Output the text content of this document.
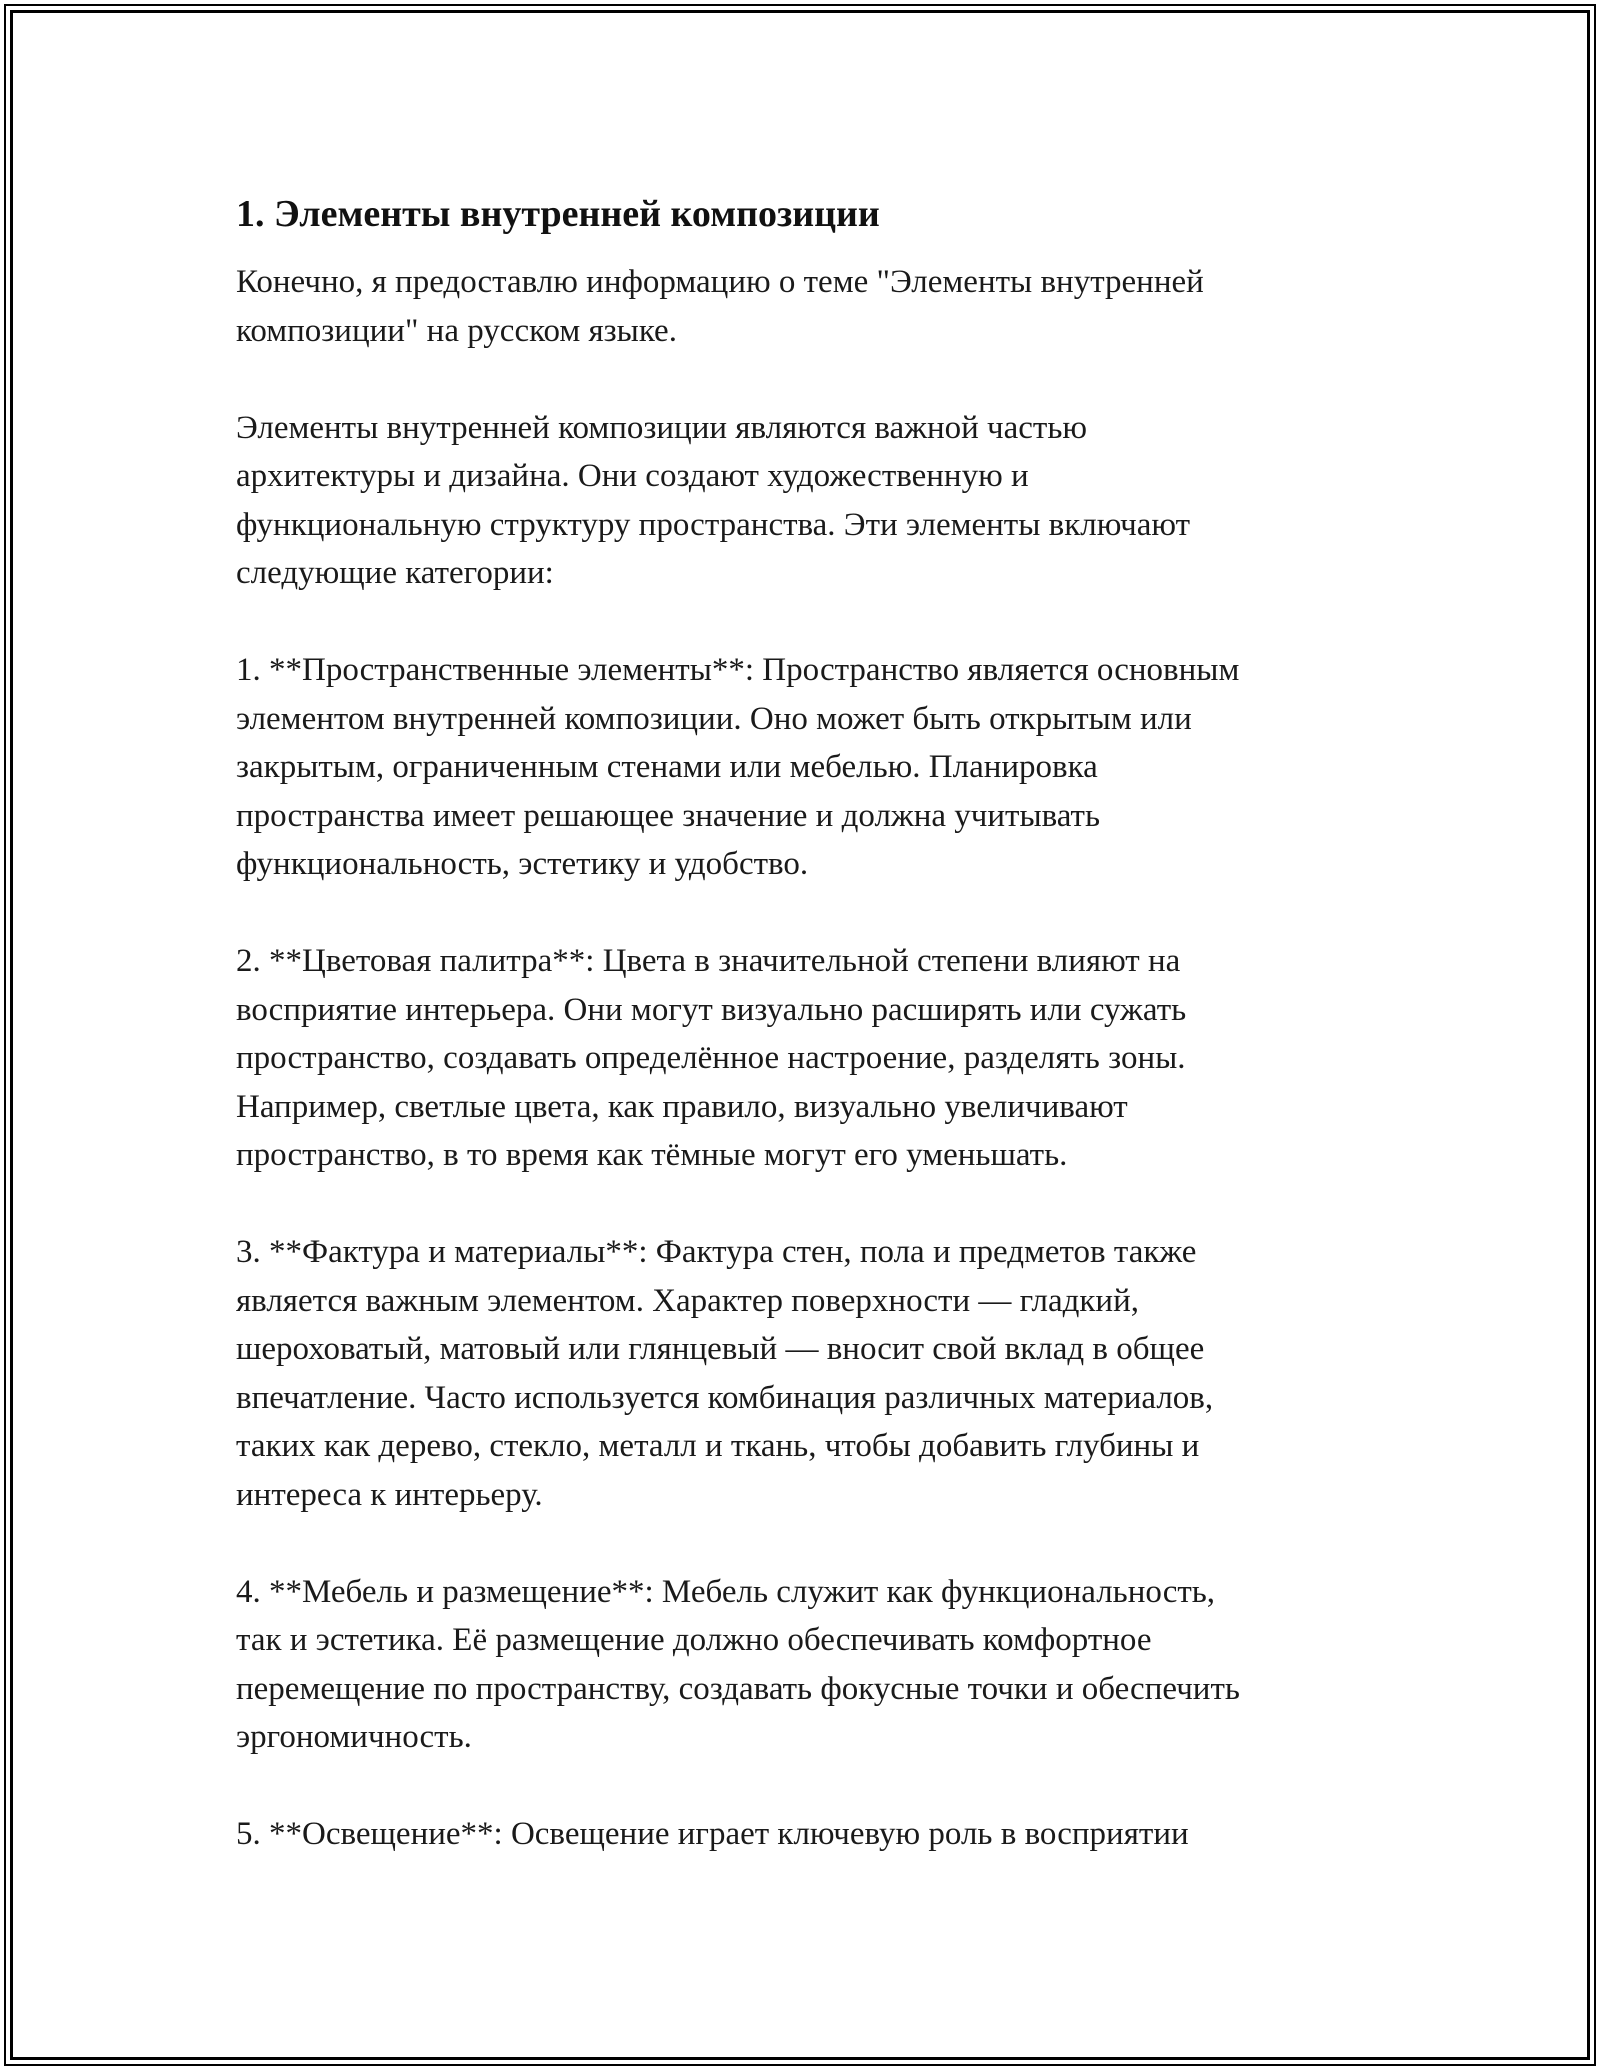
1. Элементы внутренней композиции

Конечно, я предоставлю информацию о теме "Элементы внутренней
композиции" на русском языке.

Элементы внутренней композиции являются важной частью
архитектуры и дизайна. Они создают художественную и
функциональную структуру пространства. Эти элементы включают
следующие категории:

1. **Пространственные элементы**: Пространство является основным
элементом внутренней композиции. Оно может быть открытым или
закрытым, ограниченным стенами или мебелью. Планировка
пространства имеет решающее значение и должна учитывать
функциональность, эстетику и удобство.

2. **Цветовая палитра**: Цвета в значительной степени влияют на
восприятие интерьера. Они могут визуально расширять или сужать
пространство, создавать определённое настроение, разделять зоны.
Например, светлые цвета, как правило, визуально увеличивают
пространство, в то время как тёмные могут его уменьшать.

3. **Фактура и материалы**: Фактура стен, пола и предметов также
является важным элементом. Характер поверхности — гладкий,
шероховатый, матовый или глянцевый — вносит свой вклад в общее
впечатление. Часто используется комбинация различных материалов,
таких как дерево, стекло, металл и ткань, чтобы добавить глубины и
интереса к интерьеру.

4. **Мебель и размещение**: Мебель служит как функциональность,
так и эстетика. Её размещение должно обеспечивать комфортное
перемещение по пространству, создавать фокусные точки и обеспечить
эргономичность.

5. **Освещение**: Освещение играет ключевую роль в восприятии
